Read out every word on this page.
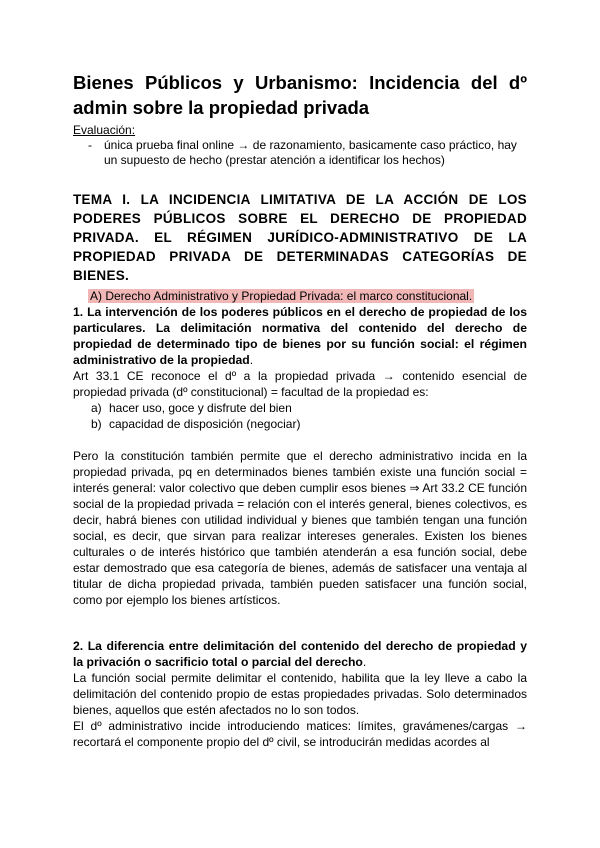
Bienes Públicos y Urbanismo: Incidencia del dº admin sobre la propiedad privada
Evaluación:
- única prueba final online → de razonamiento, basicamente caso práctico, hay un supuesto de hecho (prestar atención a identificar los hechos)
TEMA I. LA INCIDENCIA LIMITATIVA DE LA ACCIÓN DE LOS PODERES PÚBLICOS SOBRE EL DERECHO DE PROPIEDAD PRIVADA. EL RÉGIMEN JURÍDICO-ADMINISTRATIVO DE LA PROPIEDAD PRIVADA DE DETERMINADAS CATEGORÍAS DE BIENES.
A) Derecho Administrativo y Propiedad Privada: el marco constitucional.
1. La intervención de los poderes públicos en el derecho de propiedad de los particulares. La delimitación normativa del contenido del derecho de propiedad de determinado tipo de bienes por su función social: el régimen administrativo de la propiedad.
Art 33.1 CE reconoce el dº a la propiedad privada → contenido esencial de propiedad privada (dº constitucional) = facultad de la propiedad es:
a) hacer uso, goce y disfrute del bien
b) capacidad de disposición (negociar)
Pero la constitución también permite que el derecho administrativo incida en la propiedad privada, pq en determinados bienes también existe una función social = interés general: valor colectivo que deben cumplir esos bienes ⇒ Art 33.2 CE función social de la propiedad privada = relación con el interés general, bienes colectivos, es decir, habrá bienes con utilidad individual y bienes que también tengan una función social, es decir, que sirvan para realizar intereses generales. Existen los bienes culturales o de interés histórico que también atenderán a esa función social, debe estar demostrado que esa categoría de bienes, además de satisfacer una ventaja al titular de dicha propiedad privada, también pueden satisfacer una función social, como por ejemplo los bienes artísticos.
2. La diferencia entre delimitación del contenido del derecho de propiedad y la privación o sacrificio total o parcial del derecho.
La función social permite delimitar el contenido, habilita que la ley lleve a cabo la delimitación del contenido propio de estas propiedades privadas. Solo determinados bienes, aquellos que estén afectados no lo son todos.
El dº administrativo incide introduciendo matices: límites, gravámenes/cargas → recortará el componente propio del dº civil, se introducirán medidas acordes al
